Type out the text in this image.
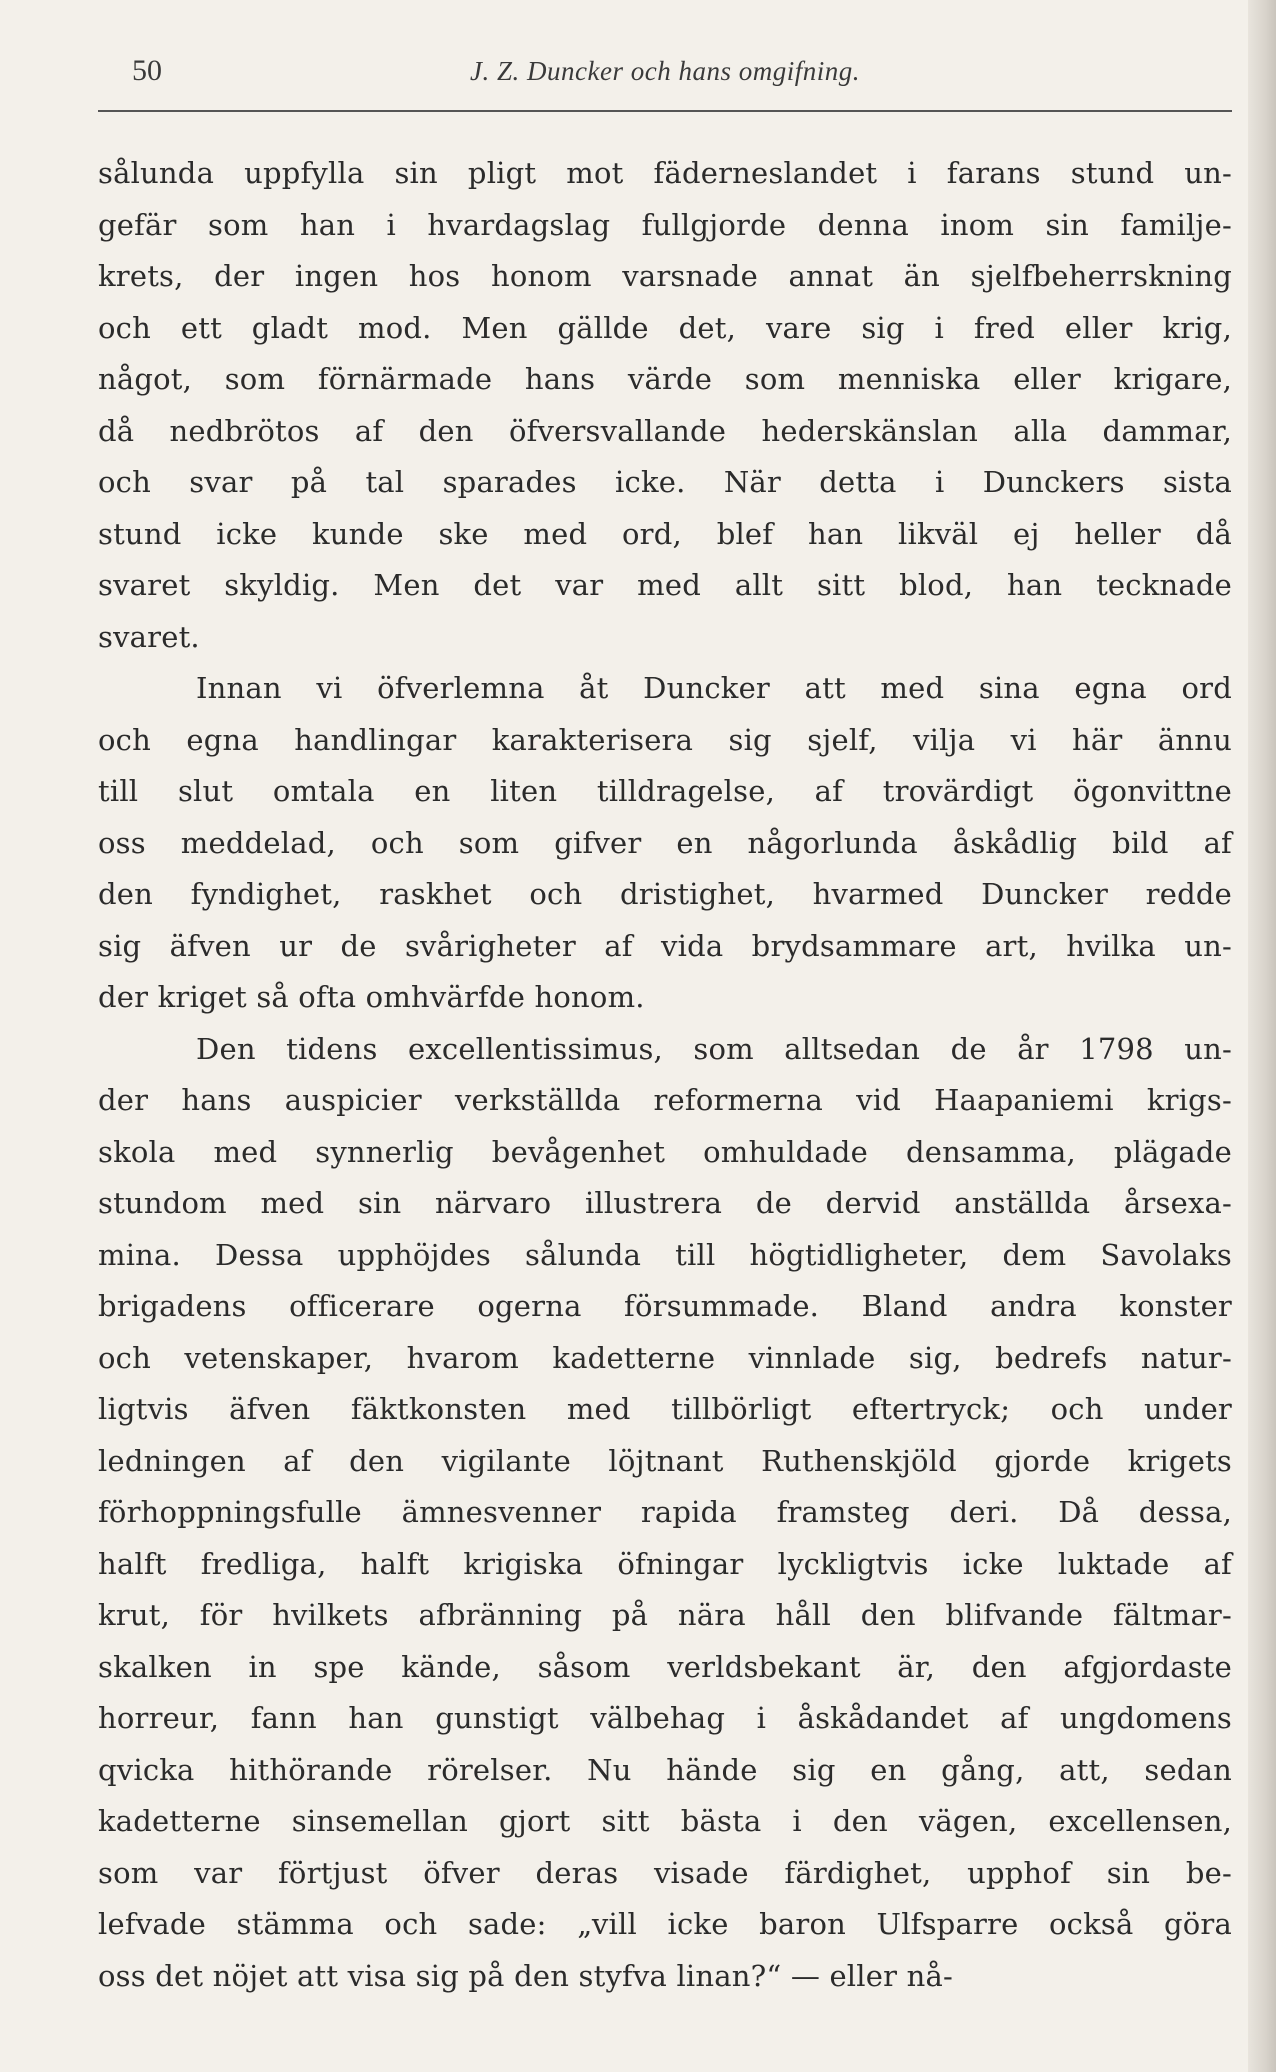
50	J. Z. Duncker och hans omgifning.
sålunda uppfylla sin pligt mot fäderneslandet i farans stund un-
gefär som han i hvardagslag fullgjorde denna inom sin familje-
krets, der ingen hos honom varsnade annat än sjelfbeherrskning
och ett gladt mod. Men gällde det, vare sig i fred eller krig,
något, som förnärmade hans värde som menniska eller krigare,
då nedbrötos af den öfversvallande hederskänslan alla dammar,
och svar på tal sparades icke. När detta i Dunckers sista
stund icke kunde ske med ord, blef han likväl ej heller då
svaret skyldig. Men det var med allt sitt blod, han tecknade
svaret.
Innan vi öfverlemna åt Duncker att med sina egna ord
och egna handlingar karakterisera sig sjelf, vilja vi här ännu
till slut omtala en liten tilldragelse, af trovärdigt ögonvittne
oss meddelad, och som gifver en någorlunda åskådlig bild af
den fyndighet, raskhet och dristighet, hvarmed Duncker redde
sig äfven ur de svårigheter af vida brydsammare art, hvilka un-
der kriget så ofta omhvärfde honom.
Den tidens excellentissimus, som alltsedan de år 1798 un-
der hans auspicier verkställda reformerna vid Haapaniemi krigs-
skola med synnerlig bevågenhet omhuldade densamma, plägade
stundom med sin närvaro illustrera de dervid anställda årsexa-
mina. Dessa upphöjdes sålunda till högtidligheter, dem Savolaks
brigadens officerare ogerna försummade. Bland andra konster
och vetenskaper, hvarom kadetterne vinnlade sig, bedrefs natur-
ligtvis äfven fäktkonsten med tillbörligt eftertryck; och under
ledningen af den vigilante löjtnant Ruthenskjöld gjorde krigets
förhoppningsfulle ämnesvenner rapida framsteg deri. Då dessa,
halft fredliga, halft krigiska öfningar lyckligtvis icke luktade af
krut, för hvilkets afbränning på nära håll den blifvande fältmar-
skalken in spe kände, såsom verldsbekant är, den afgjordaste
horreur, fann han gunstigt välbehag i åskådandet af ungdomens
qvicka hithörande rörelser. Nu hände sig en gång, att, sedan
kadetterne sinsemellan gjort sitt bästa i den vägen, excellensen,
som var förtjust öfver deras visade färdighet, upphof sin be-
lefvade stämma och sade: „vill icke baron Ulfsparre också göra
oss det nöjet att visa sig på den styfva linan?“ — eller nå-
